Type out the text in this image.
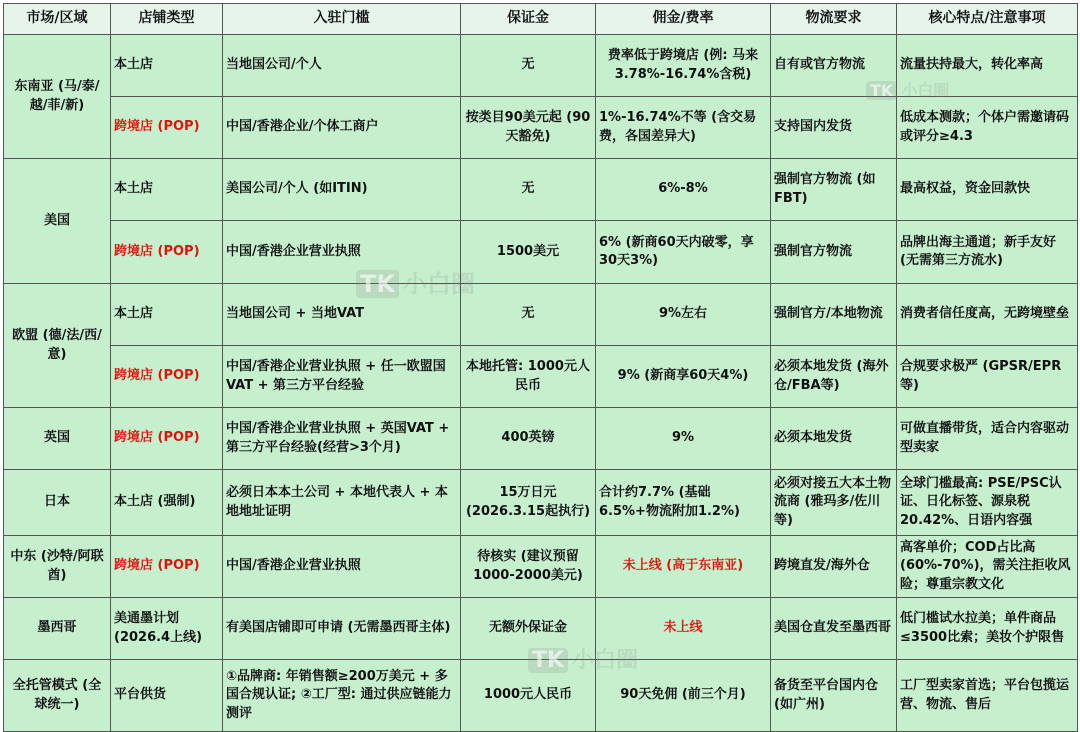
市场/区域	店铺类型	入驻门槛	保证金	佣金/费率	物流要求	核心特点/注意事项
东南亚 (马/泰/越/菲/新)	本土店	当地国公司/个人	无	费率低于跨境店 (例: 马来3.78%-16.74%含税)	自有或官方物流	流量扶持最大，转化率高
	跨境店 (POP)	中国/香港企业/个体工商户	按类目90美元起 (90天豁免)	1%-16.74%不等 (含交易费，各国差异大)	支持国内发货	低成本测款；个体户需邀请码或评分≥4.3
美国	本土店	美国公司/个人 (如ITIN)	无	6%-8%	强制官方物流 (如FBT)	最高权益，资金回款快
	跨境店 (POP)	中国/香港企业营业执照	1500美元	6% (新商60天内破零，享30天3%)	强制官方物流	品牌出海主通道；新手友好 (无需第三方流水)
欧盟 (德/法/西/意)	本土店	当地国公司 + 当地VAT	无	9%左右	强制官方/本地物流	消费者信任度高，无跨境壁垒
	跨境店 (POP)	中国/香港企业营业执照 + 任一欧盟国VAT + 第三方平台经验	本地托管: 1000元人民币	9% (新商享60天4%)	必须本地发货 (海外仓/FBA等)	合规要求极严 (GPSR/EPR等)
英国	跨境店 (POP)	中国/香港企业营业执照 + 英国VAT + 第三方平台经验(经营>3个月)	400英镑	9%	必须本地发货	可做直播带货，适合内容驱动型卖家
日本	本土店 (强制)	必须日本本土公司 + 本地代表人 + 本地地址证明	15万日元 (2026.3.15起执行)	合计约7.7% (基础6.5%+物流附加1.2%)	必须对接五大本土物流商 (雅玛多/佐川等)	全球门槛最高: PSE/PSC认证、日化标签、源泉税20.42%、日语内容强
中东 (沙特/阿联酋)	跨境店 (POP)	中国/香港企业营业执照	待核实 (建议预留1000-2000美元)	未上线 (高于东南亚)	跨境直发/海外仓	高客单价；COD占比高(60%-70%)，需关注拒收风险；尊重宗教文化
墨西哥	美通墨计划 (2026.4上线)	有美国店铺即可申请 (无需墨西哥主体)	无额外保证金	未上线	美国仓直发至墨西哥	低门槛试水拉美；单件商品≤3500比索；美妆个护限售
全托管模式 (全球统一)	平台供货	①品牌商: 年销售额≥200万美元 + 多国合规认证; ②工厂型: 通过供应链能力测评	1000元人民币	90天免佣 (前三个月)	备货至平台国内仓 (如广州)	工厂型卖家首选；平台包揽运营、物流、售后
TK
TK
TK
